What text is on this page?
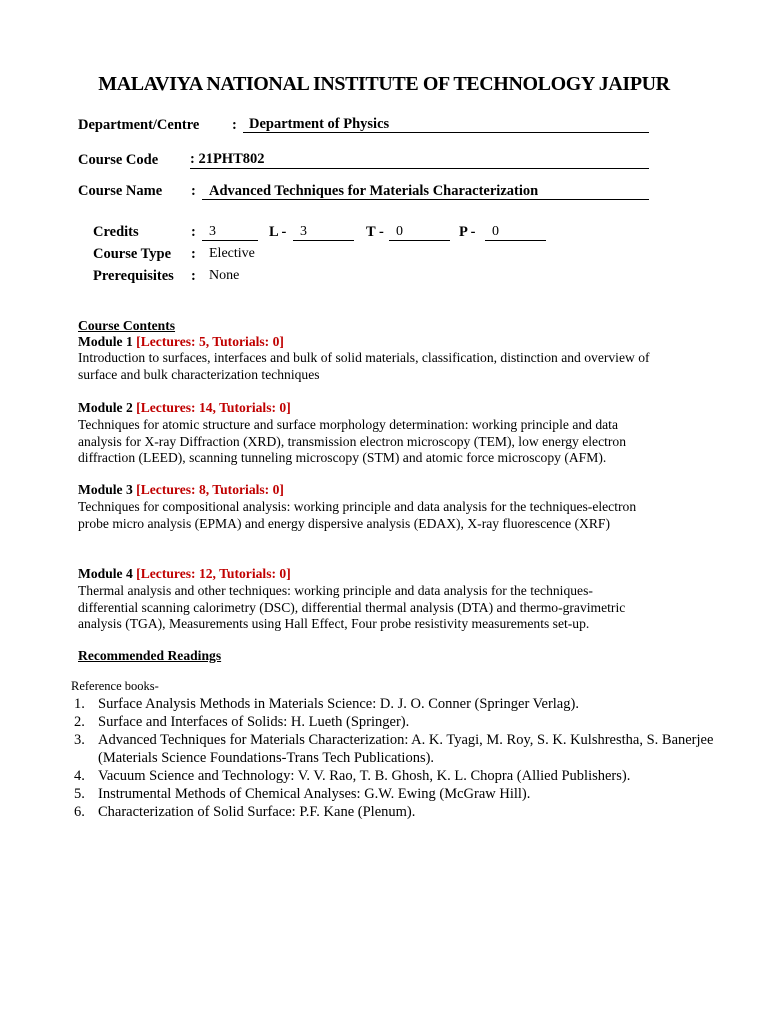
MALAVIYA NATIONAL INSTITUTE OF TECHNOLOGY JAIPUR
Department/Centre : Department of Physics
Course Code : 21PHT802
Course Name : Advanced Techniques for Materials Characterization
Credits	: 3	L - 3	T - 0	P -	0
Course Type : Elective
Prerequisites : None
Course Contents
Module 1 [Lectures: 5, Tutorials: 0]
Introduction to surfaces, interfaces and bulk of solid materials, classification, distinction and overview of surface and bulk characterization techniques
Module 2 [Lectures: 14, Tutorials: 0]
Techniques for atomic structure and surface morphology determination: working principle and data analysis for X-ray Diffraction (XRD), transmission electron microscopy (TEM), low energy electron diffraction (LEED), scanning tunneling microscopy (STM) and atomic force microscopy (AFM).
Module 3 [Lectures: 8, Tutorials: 0]
Techniques for compositional analysis: working principle and data analysis for the techniques-electron probe micro analysis (EPMA) and energy dispersive analysis (EDAX), X-ray fluorescence (XRF)
Module 4 [Lectures: 12, Tutorials: 0]
Thermal analysis and other techniques: working principle and data analysis for the techniques-differential scanning calorimetry (DSC), differential thermal analysis (DTA) and thermo-gravimetric analysis (TGA), Measurements using Hall Effect, Four probe resistivity measurements set-up.
Recommended Readings
Reference books-
1. Surface Analysis Methods in Materials Science: D. J. O. Conner (Springer Verlag).
2. Surface and Interfaces of Solids: H. Lueth (Springer).
3. Advanced Techniques for Materials Characterization: A. K. Tyagi, M. Roy, S. K. Kulshrestha, S. Banerjee (Materials Science Foundations-Trans Tech Publications).
4. Vacuum Science and Technology: V. V. Rao, T. B. Ghosh, K. L. Chopra (Allied Publishers).
5. Instrumental Methods of Chemical Analyses: G.W. Ewing (McGraw Hill).
6. Characterization of Solid Surface: P.F. Kane (Plenum).
